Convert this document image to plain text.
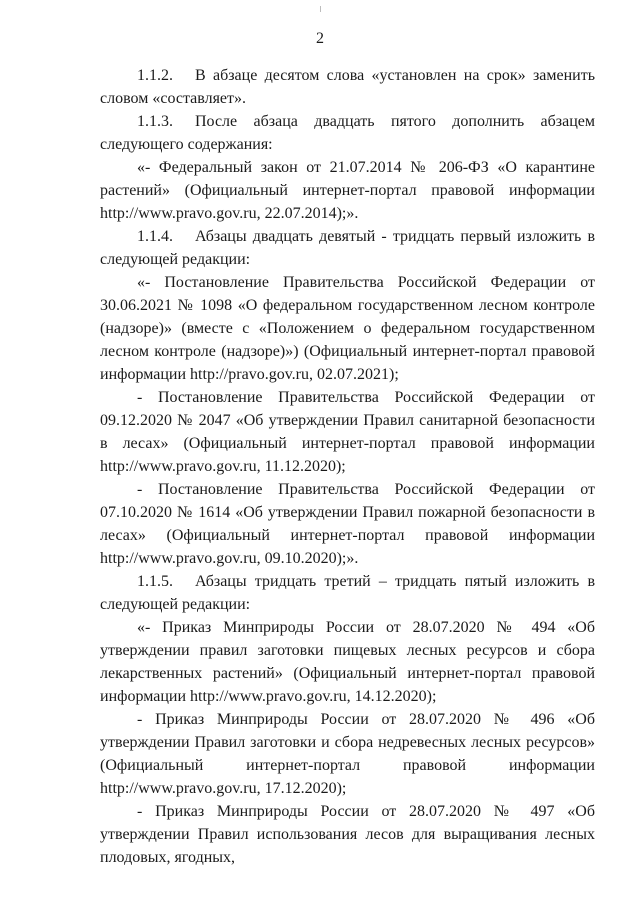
2

1.1.2. В абзаце десятом слова «установлен на срок» заменить словом «составляет».

1.1.3. После абзаца двадцать пятого дополнить абзацем следующего содержания:

«- Федеральный закон от 21.07.2014 № 206-ФЗ «О карантине растений» (Официальный интернет-портал правовой информации http://www.pravo.gov.ru, 22.07.2014);».

1.1.4. Абзацы двадцать девятый - тридцать первый изложить в следующей редакции:

«- Постановление Правительства Российской Федерации от 30.06.2021 № 1098 «О федеральном государственном лесном контроле (надзоре)» (вместе с «Положением о федеральном государственном лесном контроле (надзоре)») (Официальный интернет-портал правовой информации http://pravo.gov.ru, 02.07.2021);

- Постановление Правительства Российской Федерации от 09.12.2020 № 2047 «Об утверждении Правил санитарной безопасности в лесах» (Официальный интернет-портал правовой информации http://www.pravo.gov.ru, 11.12.2020);

- Постановление Правительства Российской Федерации от 07.10.2020 № 1614 «Об утверждении Правил пожарной безопасности в лесах» (Официальный интернет-портал правовой информации http://www.pravo.gov.ru, 09.10.2020);».

1.1.5. Абзацы тридцать третий – тридцать пятый изложить в следующей редакции:

«- Приказ Минприроды России от 28.07.2020 № 494 «Об утверждении правил заготовки пищевых лесных ресурсов и сбора лекарственных растений» (Официальный интернет-портал правовой информации http://www.pravo.gov.ru, 14.12.2020);

- Приказ Минприроды России от 28.07.2020 № 496 «Об утверждении Правил заготовки и сбора недревесных лесных ресурсов» (Официальный интернет-портал правовой информации http://www.pravo.gov.ru, 17.12.2020);

- Приказ Минприроды России от 28.07.2020 № 497 «Об утверждении Правил использования лесов для выращивания лесных плодовых, ягодных,
